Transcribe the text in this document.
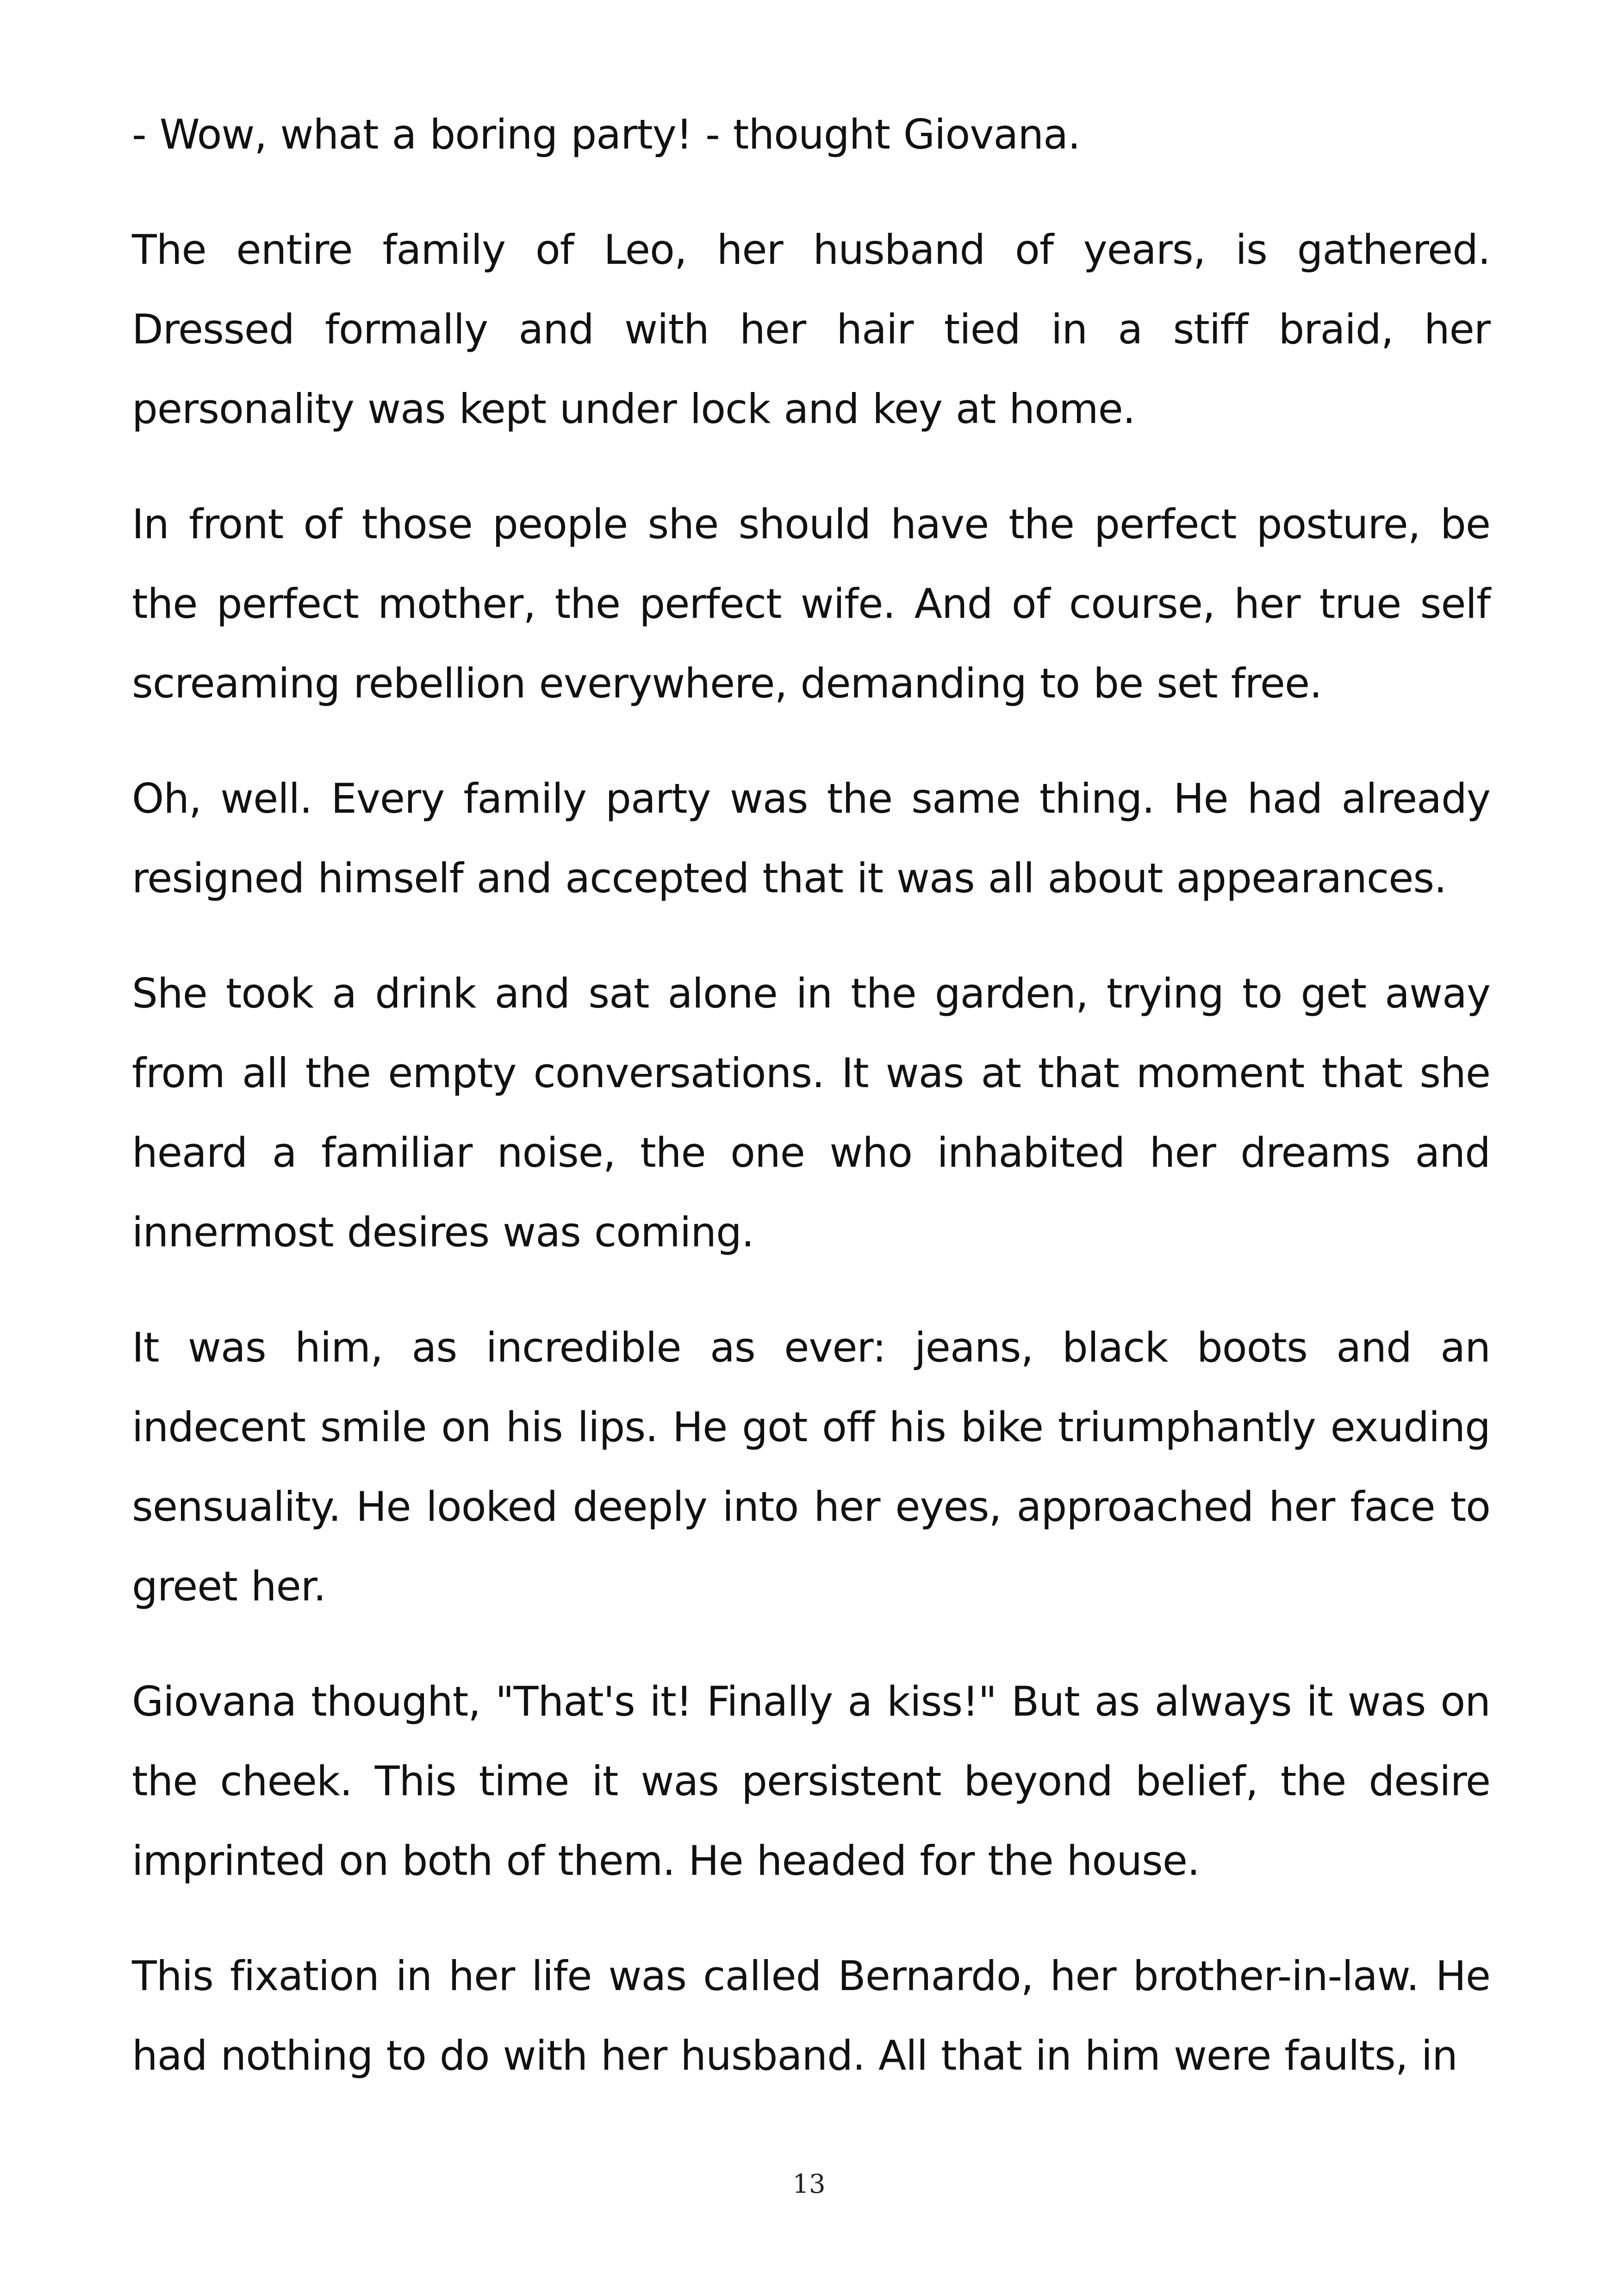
- Wow, what a boring party! - thought Giovana.

The entire family of Leo, her husband of years, is gathered. Dressed formally and with her hair tied in a stiff braid, her personality was kept under lock and key at home.

In front of those people she should have the perfect posture, be the perfect mother, the perfect wife. And of course, her true self screaming rebellion everywhere, demanding to be set free.

Oh, well. Every family party was the same thing. He had already resigned himself and accepted that it was all about appearances.

She took a drink and sat alone in the garden, trying to get away from all the empty conversations. It was at that moment that she heard a familiar noise, the one who inhabited her dreams and innermost desires was coming.

It was him, as incredible as ever: jeans, black boots and an indecent smile on his lips. He got off his bike triumphantly exuding sensuality. He looked deeply into her eyes, approached her face to greet her.

Giovana thought, "That's it! Finally a kiss!" But as always it was on the cheek. This time it was persistent beyond belief, the desire imprinted on both of them. He headed for the house.

This fixation in her life was called Bernardo, her brother-in-law. He had nothing to do with her husband. All that in him were faults, in

13
